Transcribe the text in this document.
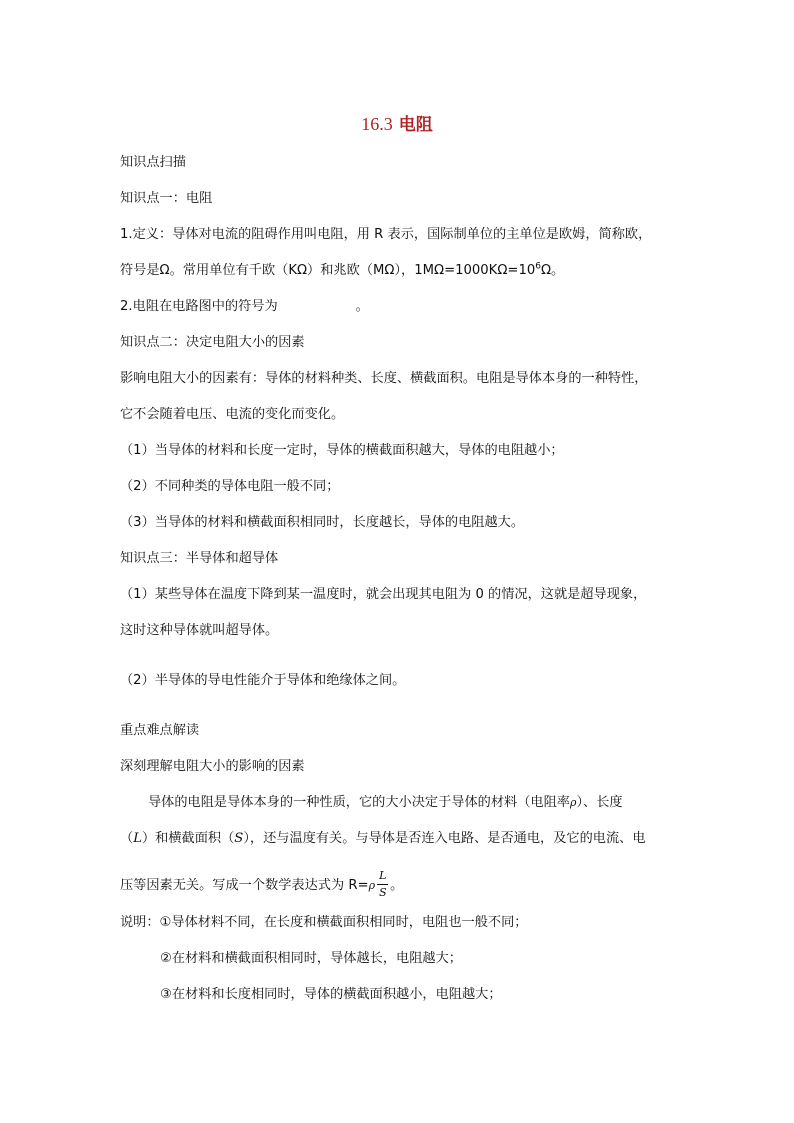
16.3 电阻

知识点扫描

知识点一：电阻

1.定义：导体对电流的阻碍作用叫电阻，用 R 表示，国际制单位的主单位是欧姆，简称欧，

符号是Ω。常用单位有千欧（KΩ）和兆欧（MΩ），$1M\Omega=1000K\Omega=10^6\Omega$。

2.电阻在电路图中的符号为	。

知识点二：决定电阻大小的因素

影响电阻大小的因素有：导体的材料种类、长度、横截面积。电阻是导体本身的一种特性，

它不会随着电压、电流的变化而变化。

（1）当导体的材料和长度一定时，导体的横截面积越大，导体的电阻越小；

（2）不同种类的导体电阻一般不同；

（3）当导体的材料和横截面积相同时，长度越长，导体的电阻越大。

知识点三：半导体和超导体

（1）某些导体在温度下降到某一温度时，就会出现其电阻为 0 的情况，这就是超导现象，

这时这种导体就叫超导体。

（2）半导体的导电性能介于导体和绝缘体之间。

重点难点解读

深刻理解电阻大小的影响的因素

导体的电阻是导体本身的一种性质，它的大小决定于导体的材料（电阻率ρ）、长度

（L）和横截面积（S），还与温度有关。与导体是否连入电路、是否通电，及它的电流、电

压等因素无关。写成一个数学表达式为 $R=\rho \frac{L}{S}$ 。

说明：①导体材料不同，在长度和横截面积相同时，电阻也一般不同；

②在材料和横截面积相同时，导体越长，电阻越大；

③在材料和长度相同时，导体的横截面积越小，电阻越大；
